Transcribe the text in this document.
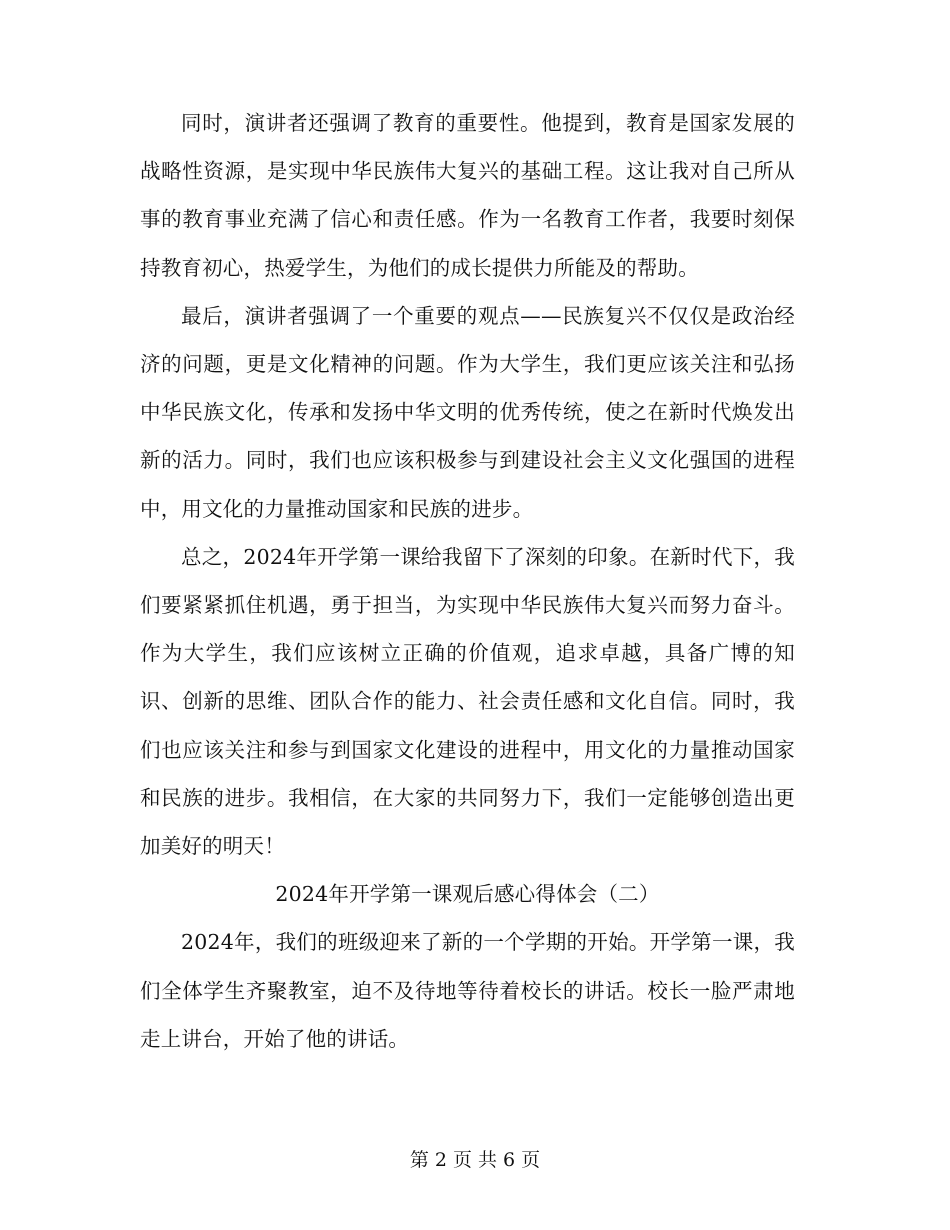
同时，演讲者还强调了教育的重要性。他提到，教育是国家发展的战略性资源，是实现中华民族伟大复兴的基础工程。这让我对自己所从事的教育事业充满了信心和责任感。作为一名教育工作者，我要时刻保持教育初心，热爱学生，为他们的成长提供力所能及的帮助。

最后，演讲者强调了一个重要的观点——民族复兴不仅仅是政治经济的问题，更是文化精神的问题。作为大学生，我们更应该关注和弘扬中华民族文化，传承和发扬中华文明的优秀传统，使之在新时代焕发出新的活力。同时，我们也应该积极参与到建设社会主义文化强国的进程中，用文化的力量推动国家和民族的进步。

总之，2024年开学第一课给我留下了深刻的印象。在新时代下，我们要紧紧抓住机遇，勇于担当，为实现中华民族伟大复兴而努力奋斗。作为大学生，我们应该树立正确的价值观，追求卓越，具备广博的知识、创新的思维、团队合作的能力、社会责任感和文化自信。同时，我们也应该关注和参与到国家文化建设的进程中，用文化的力量推动国家和民族的进步。我相信，在大家的共同努力下，我们一定能够创造出更加美好的明天！

2024年开学第一课观后感心得体会（二）

2024年，我们的班级迎来了新的一个学期的开始。开学第一课，我们全体学生齐聚教室，迫不及待地等待着校长的讲话。校长一脸严肃地走上讲台，开始了他的讲话。

第 2 页 共 6 页
